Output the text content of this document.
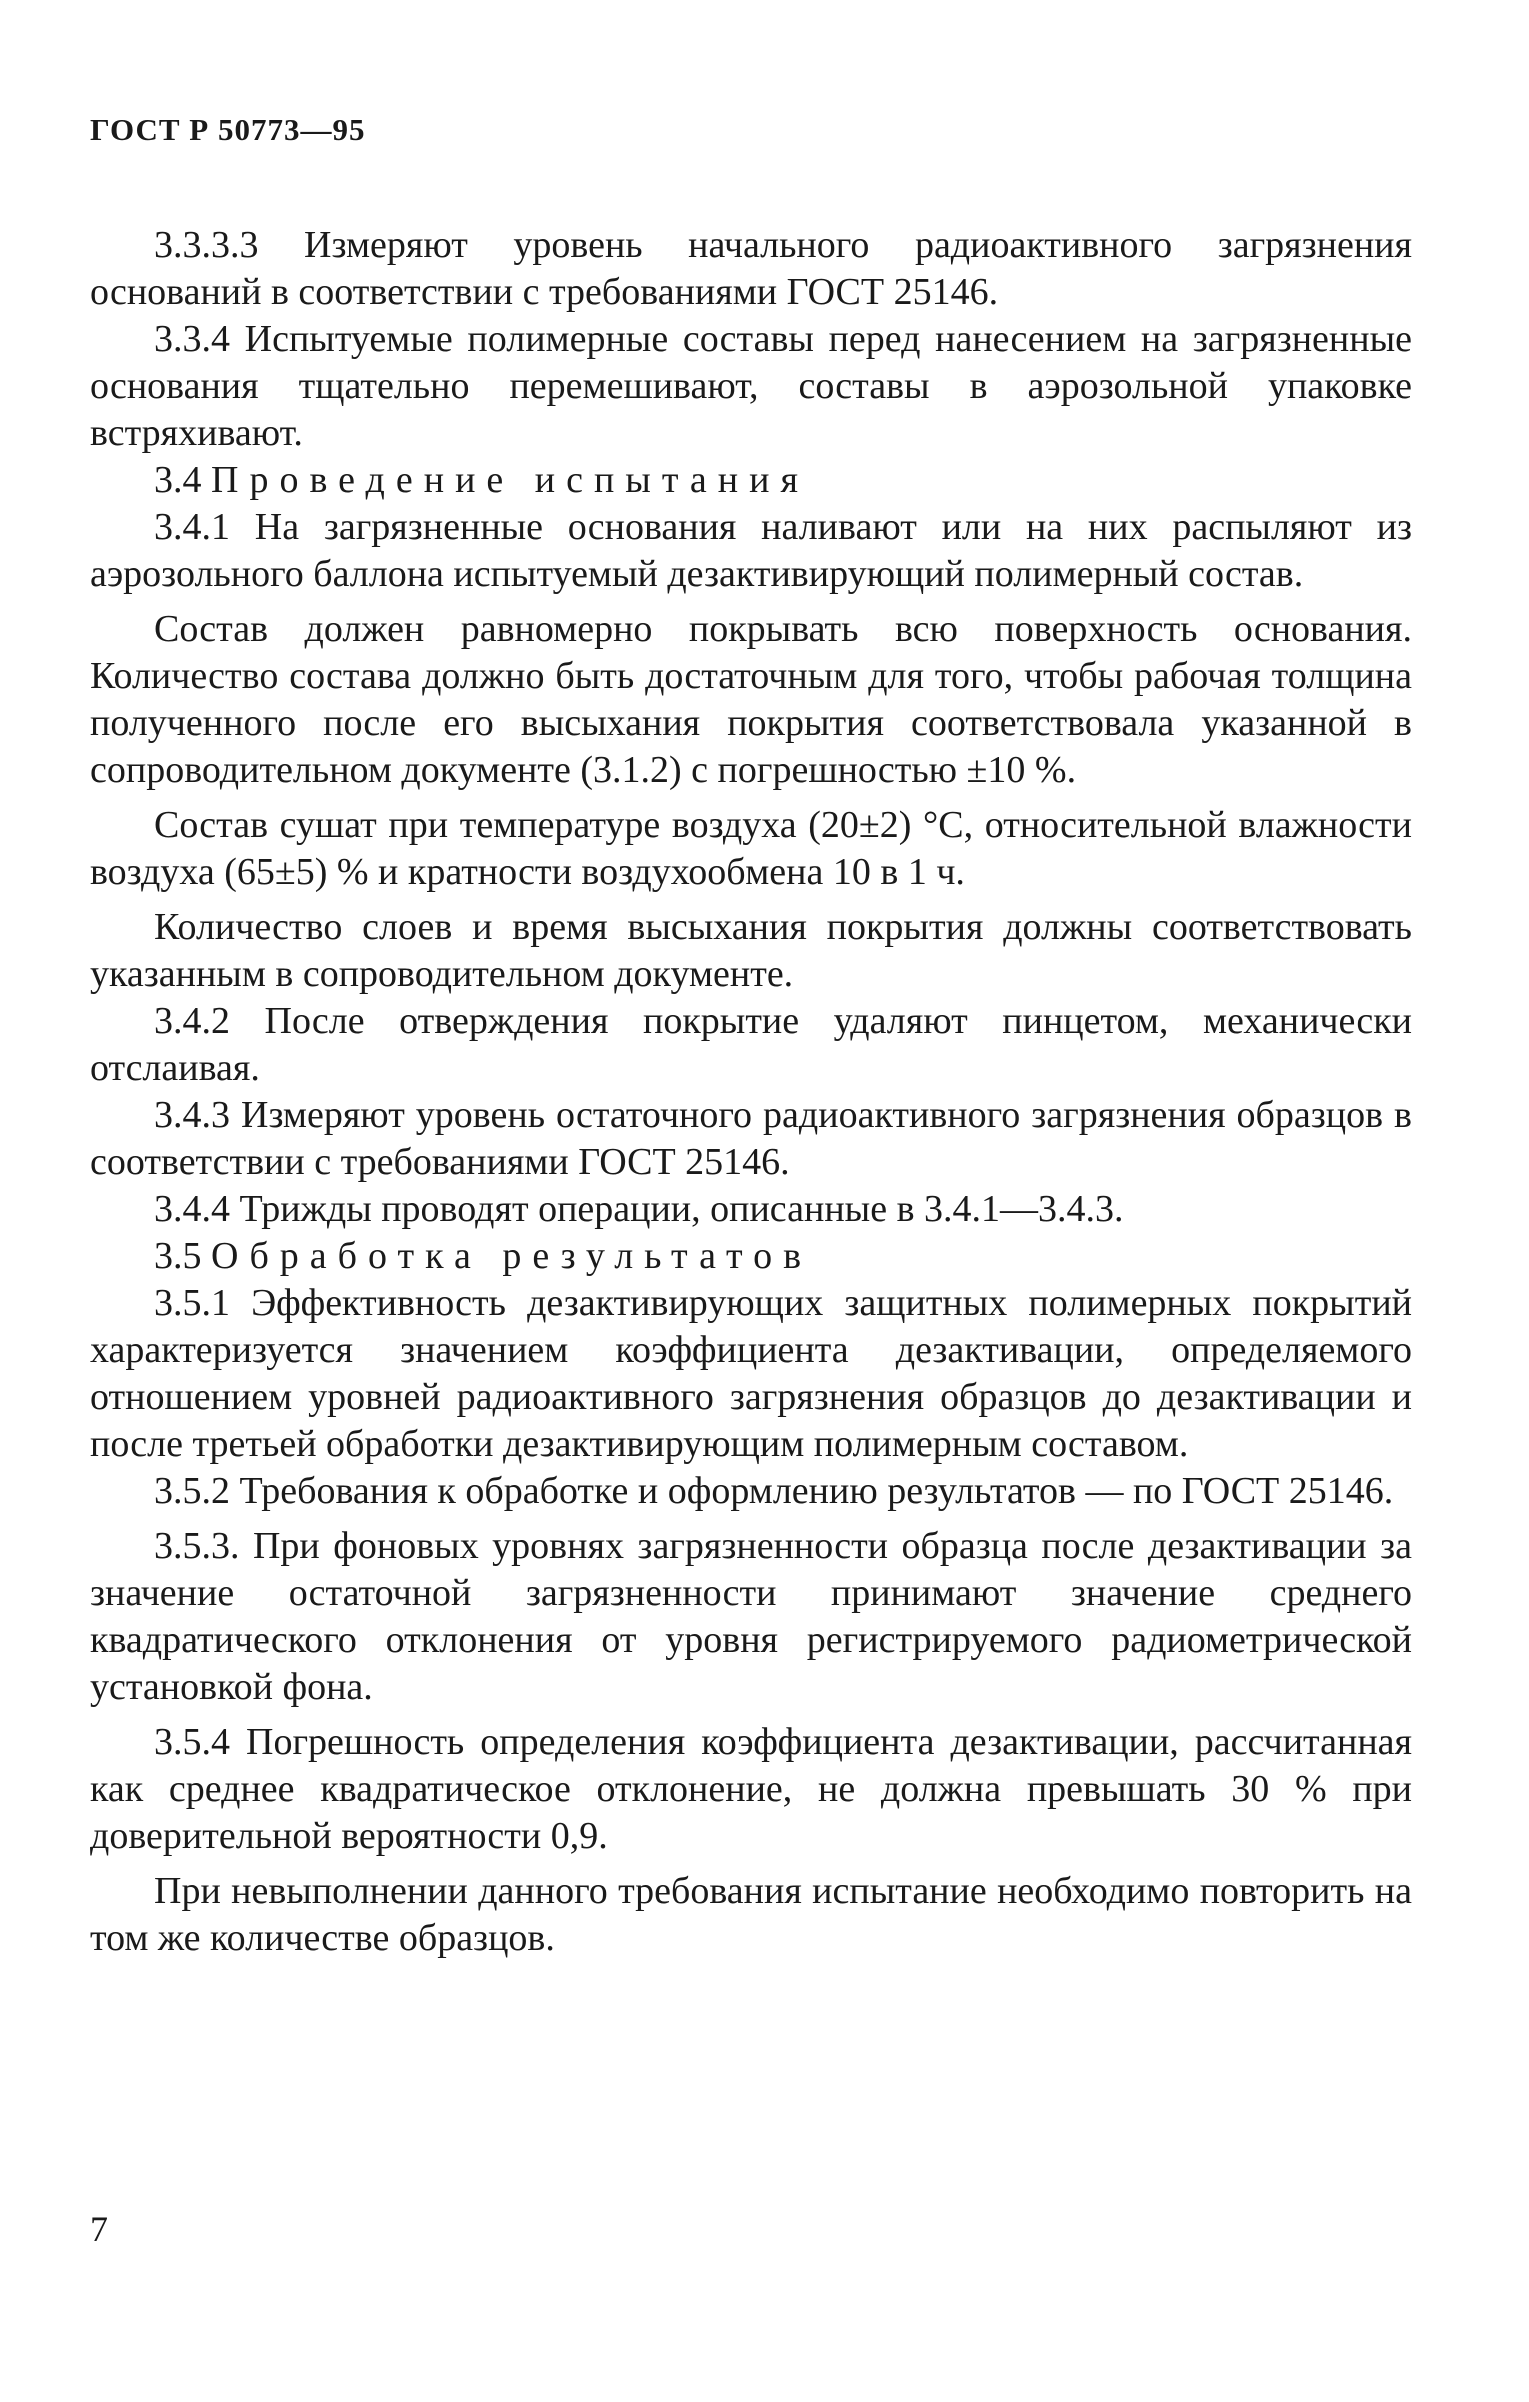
ГОСТ Р 50773—95

3.3.3.3 Измеряют уровень начального радиоактивного загрязнения оснований в соответствии с требованиями ГОСТ 25146.

3.3.4 Испытуемые полимерные составы перед нанесением на загрязненные основания тщательно перемешивают, составы в аэрозольной упаковке встряхивают.

3.4 Проведение испытания

3.4.1 На загрязненные основания наливают или на них распыляют из аэрозольного баллона испытуемый дезактивирующий полимерный состав.

Состав должен равномерно покрывать всю поверхность основания. Количество состава должно быть достаточным для того, чтобы рабочая толщина полученного после его высыхания покрытия соответствовала указанной в сопроводительном документе (3.1.2) с погрешностью ±10 %.

Состав сушат при температуре воздуха (20±2) °С, относительной влажности воздуха (65±5) % и кратности воздухообмена 10 в 1 ч.

Количество слоев и время высыхания покрытия должны соответствовать указанным в сопроводительном документе.

3.4.2 После отверждения покрытие удаляют пинцетом, механически отслаивая.

3.4.3 Измеряют уровень остаточного радиоактивного загрязнения образцов в соответствии с требованиями ГОСТ 25146.

3.4.4 Трижды проводят операции, описанные в 3.4.1—3.4.3.

3.5 Обработка результатов

3.5.1 Эффективность дезактивирующих защитных полимерных покрытий характеризуется значением коэффициента дезактивации, определяемого отношением уровней радиоактивного загрязнения образцов до дезактивации и после третьей обработки дезактивирующим полимерным составом.

3.5.2 Требования к обработке и оформлению результатов — по ГОСТ 25146.

3.5.3. При фоновых уровнях загрязненности образца после дезактивации за значение остаточной загрязненности принимают значение среднего квадратического отклонения от уровня регистрируемого радиометрической установкой фона.

3.5.4 Погрешность определения коэффициента дезактивации, рассчитанная как среднее квадратическое отклонение, не должна превышать 30 % при доверительной вероятности 0,9.

При невыполнении данного требования испытание необходимо повторить на том же количестве образцов.

7
